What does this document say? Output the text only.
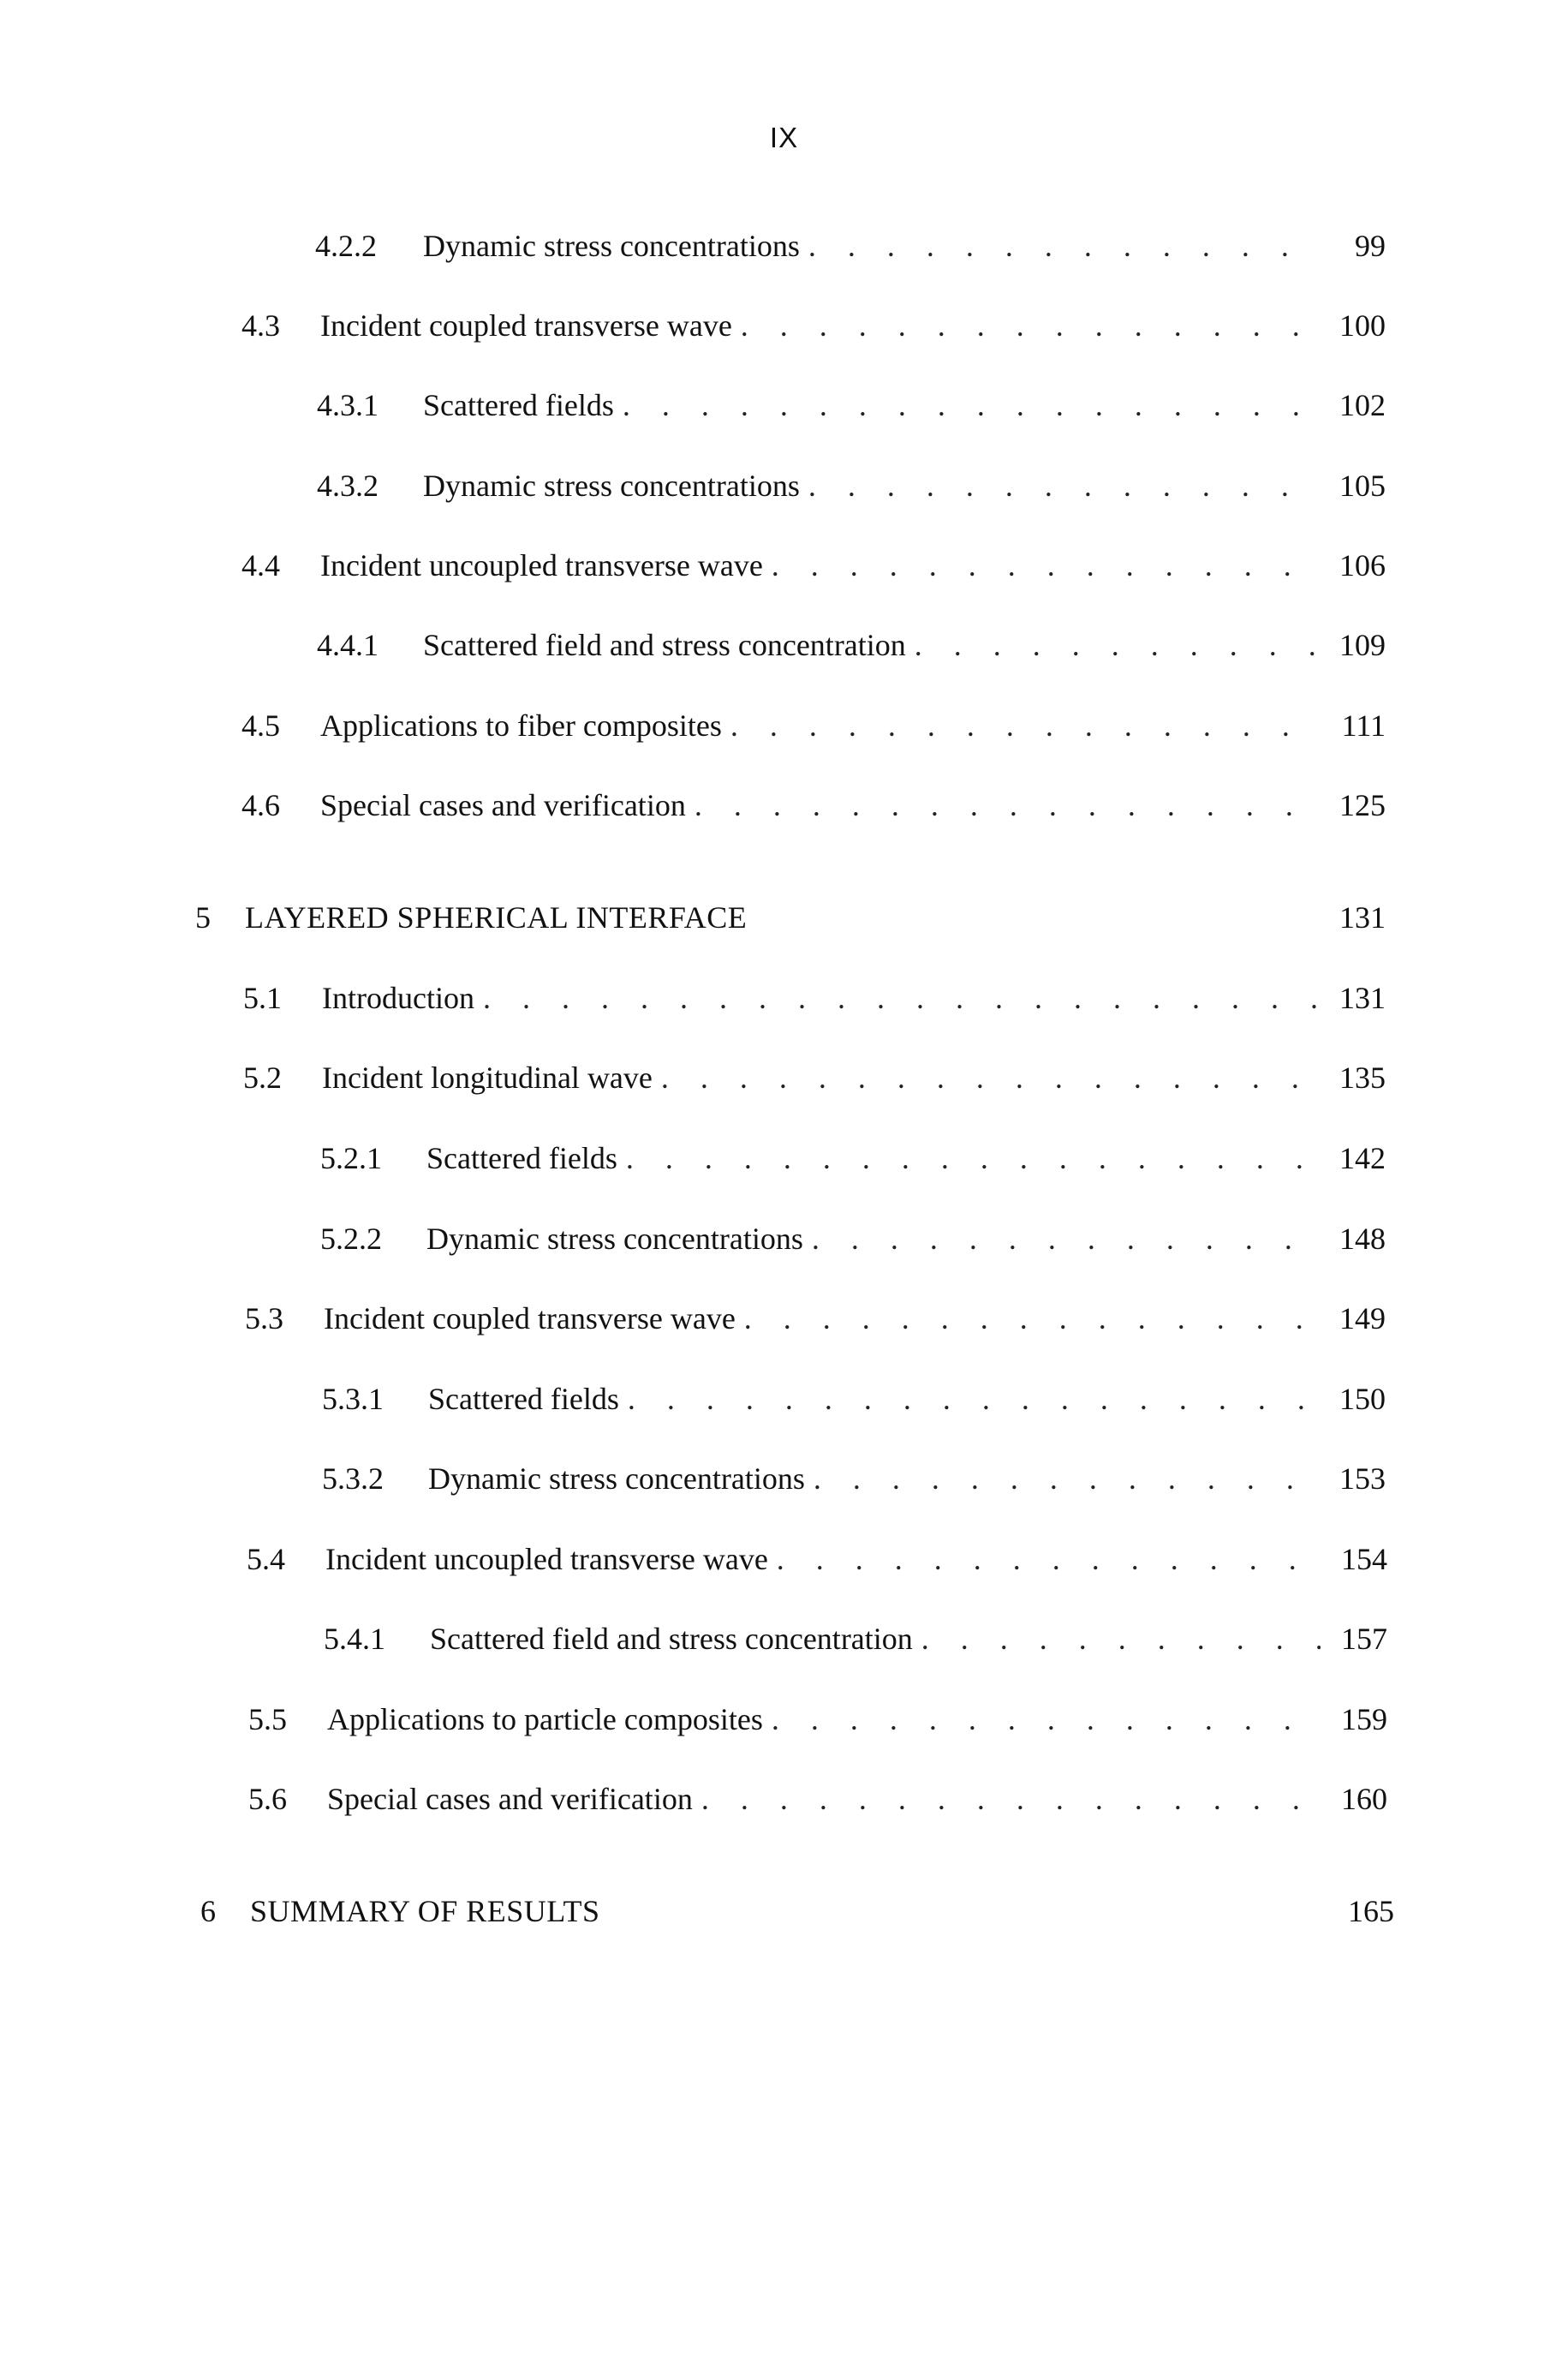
IX
4.2.2	Dynamic stress concentrations . . .	99
4.3	Incident coupled transverse wave . . .	100
4.3.1	Scattered fields . . .	102
4.3.2	Dynamic stress concentrations . . .	105
4.4	Incident uncoupled transverse wave . . .	106
4.4.1	Scattered field and stress concentration . . .	109
4.5	Applications to fiber composites . . .	111
4.6	Special cases and verification . . .	125
5	LAYERED SPHERICAL INTERFACE	131
5.1	Introduction . . .	131
5.2	Incident longitudinal wave . . .	135
5.2.1	Scattered fields . . .	142
5.2.2	Dynamic stress concentrations . . .	148
5.3	Incident coupled transverse wave . . .	149
5.3.1	Scattered fields . . .	150
5.3.2	Dynamic stress concentrations . . .	153
5.4	Incident uncoupled transverse wave . . .	154
5.4.1	Scattered field and stress concentration . . .	157
5.5	Applications to particle composites . . .	159
5.6	Special cases and verification . . .	160
6	SUMMARY OF RESULTS	165
